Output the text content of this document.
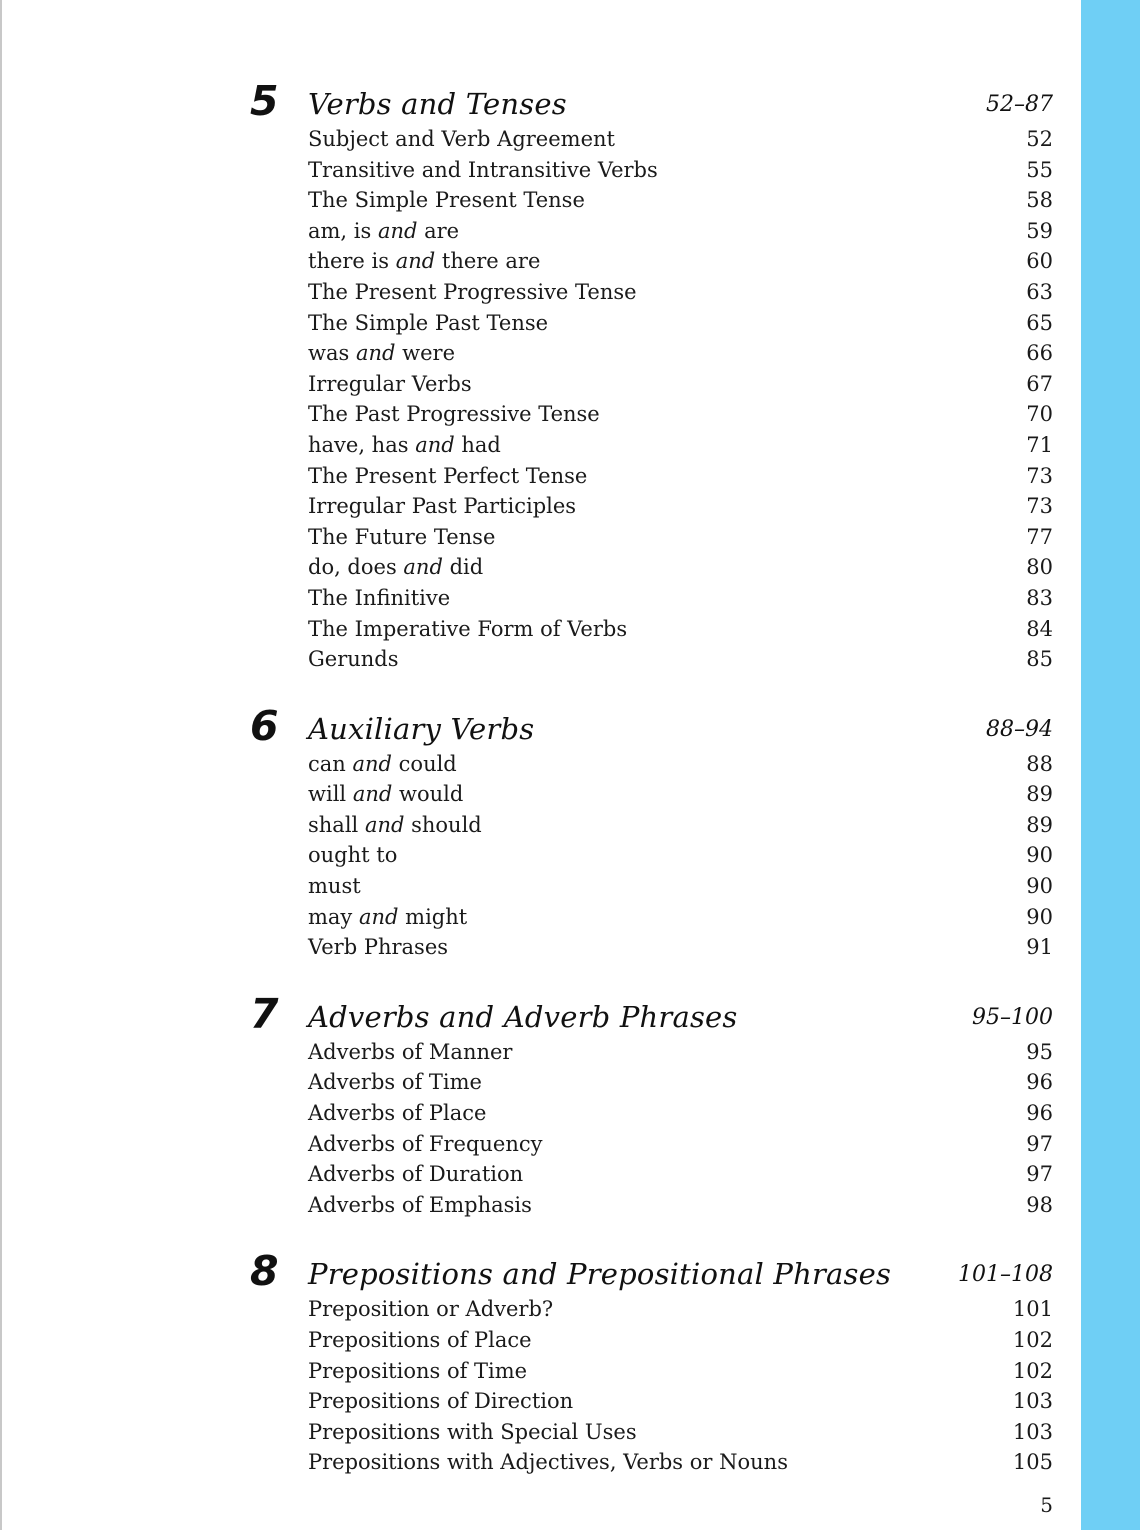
5 Verbs and Tenses	52–87
Subject and Verb Agreement	52
Transitive and Intransitive Verbs	55
The Simple Present Tense	58
am, is and are	59
there is and there are	60
The Present Progressive Tense	63
The Simple Past Tense	65
was and were	66
Irregular Verbs	67
The Past Progressive Tense	70
have, has and had	71
The Present Perfect Tense	73
Irregular Past Participles	73
The Future Tense	77
do, does and did	80
The Infinitive	83
The Imperative Form of Verbs	84
Gerunds	85
6 Auxiliary Verbs	88–94
can and could	88
will and would	89
shall and should	89
ought to	90
must	90
may and might	90
Verb Phrases	91
7 Adverbs and Adverb Phrases	95–100
Adverbs of Manner	95
Adverbs of Time	96
Adverbs of Place	96
Adverbs of Frequency	97
Adverbs of Duration	97
Adverbs of Emphasis	98
8 Prepositions and Prepositional Phrases	101–108
Preposition or Adverb?	101
Prepositions of Place	102
Prepositions of Time	102
Prepositions of Direction	103
Prepositions with Special Uses	103
Prepositions with Adjectives, Verbs or Nouns	105
5
